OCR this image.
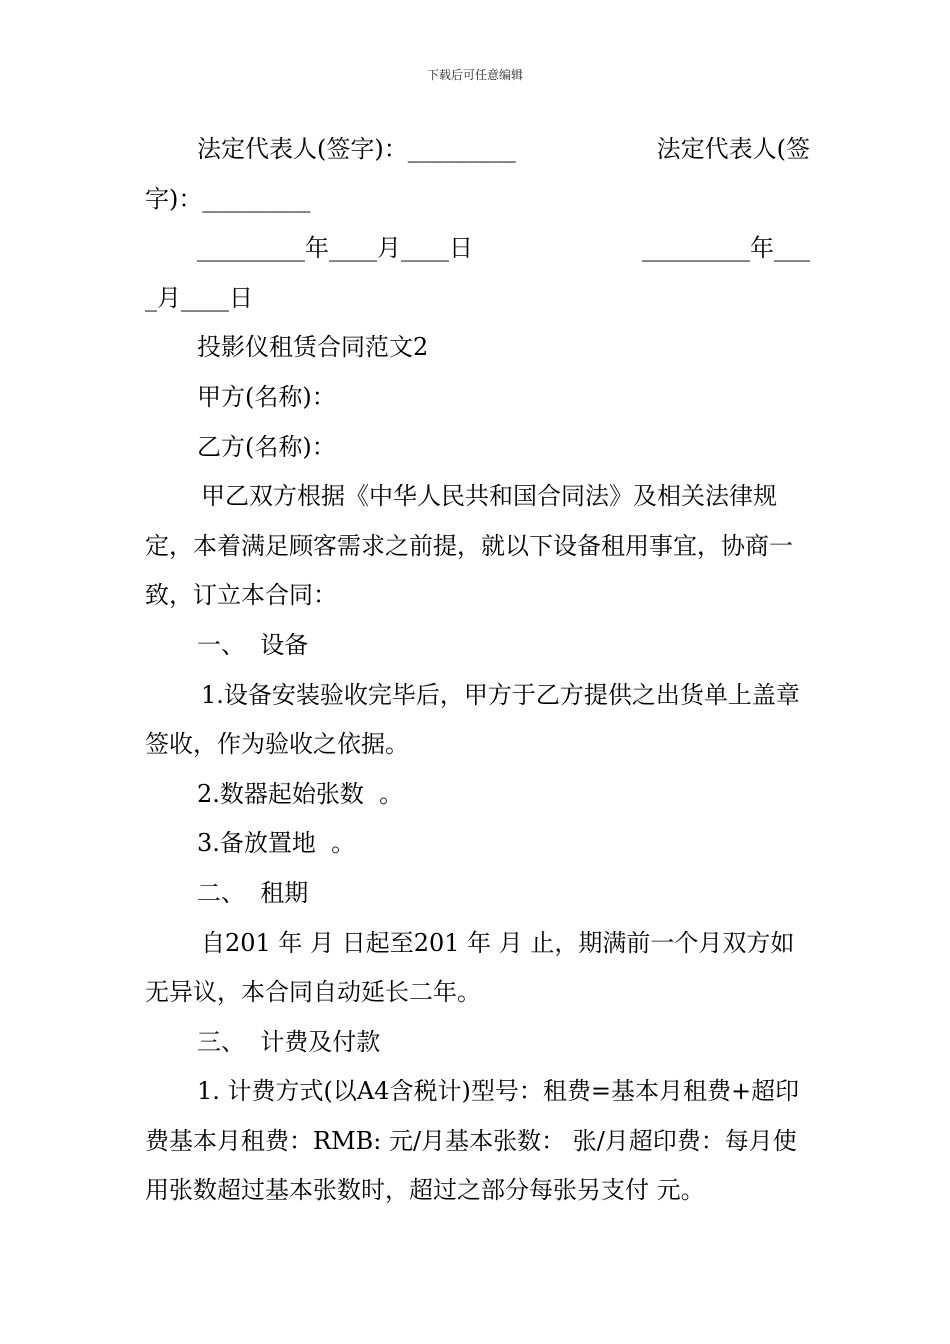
下载后可任意编辑
法定代表人(签字)：_________	法定代表人(签

字)：_________

_________年____月____日	_________年___

_月____日

投影仪租赁合同范文2

甲方(名称)：

乙方(名称)：

甲乙双方根据《中华人民共和国合同法》及相关法律规定，本着满足顾客需求之前提，就以下设备租用事宜，协商一致，订立本合同：

一、  设备

1.设备安装验收完毕后，甲方于乙方提供之出货单上盖章签收，作为验收之依据。

2.数器起始张数  。

3.备放置地  。

二、  租期

自201 年 月 日起至201 年 月 止，期满前一个月双方如无异议，本合同自动延长二年。

三、  计费及付款

1. 计费方式(以A4含税计)型号：租费=基本月租费+超印费基本月租费：RMB: 元/月基本张数： 张/月超印费：每月使用张数超过基本张数时，超过之部分每张另支付 元。
